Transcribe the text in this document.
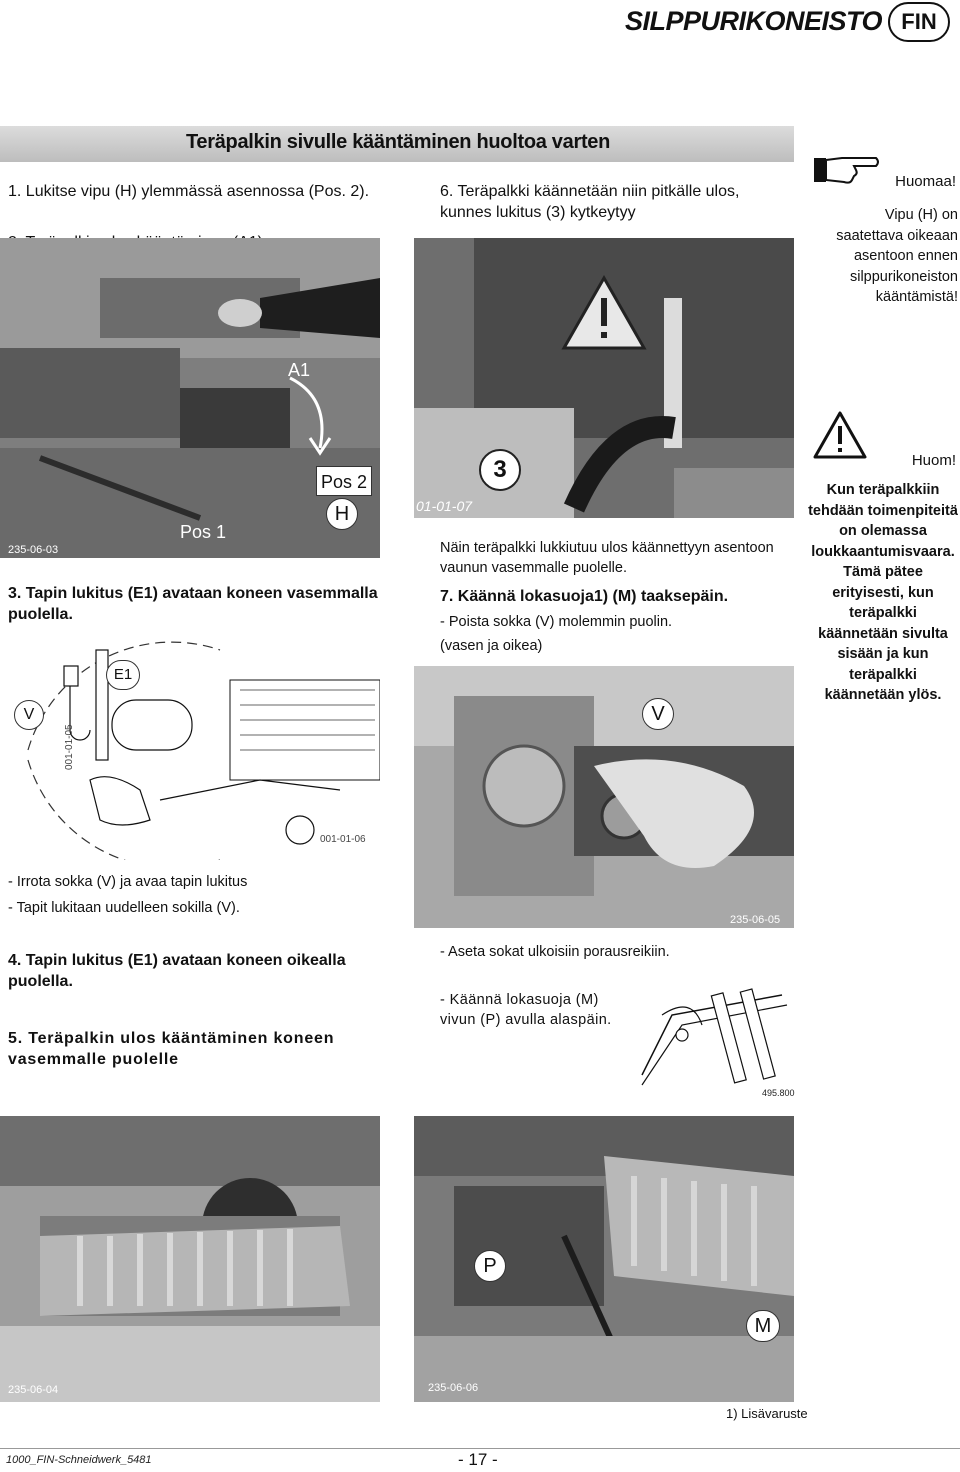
SILPPURIKONEISTO FIN
Teräpalkin sivulle kääntäminen huoltoa varten
1. Lukitse vipu (H) ylemmässä asennossa (Pos. 2).
235-06-03
A1
Pos 1
Pos 2
H
3. Tapin lukitus (E1) avataan koneen vasemmalla puolella.
V
E1
001-01-05
001-01-06
- Irrota sokka (V) ja avaa tapin lukitus
- Tapit lukitaan uudelleen sokilla (V).
4. Tapin lukitus (E1) avataan koneen oikealla puolella.
5. Teräpalkin ulos kääntäminen koneen vasemmalle puolelle
6. Teräpalkki käännetään niin pitkälle ulos, kunnes lukitus (3) kytkeytyy
3
01-01-07
Näin teräpalkki lukkiutuu ulos käännettyyn asentoon vaunun vasemmalle puolelle.
7. Käännä lokasuoja1) (M) taaksepäin.
- Poista sokka (V) molemmin puolin.
(vasen ja oikea)
V
235-06-05
- Aseta sokat ulkoisiin porausreikiin.
- Käännä lokasuoja (M) vivun (P) avulla alaspäin.
495.800
235-06-04
P
M
235-06-06
Huomaa!
Vipu (H) on saatettava oikeaan asentoon ennen silppurikoneiston kääntämistä!
Huom!
Kun teräpalkkiin tehdään toimenpiteitä on olemassa loukkaantumisvaara. Tämä pätee erityisesti, kun teräpalkki käännetään sivulta sisään ja kun teräpalkki käännetään ylös.
1) Lisävaruste
1000_FIN-Schneidwerk_5481	- 17 -
